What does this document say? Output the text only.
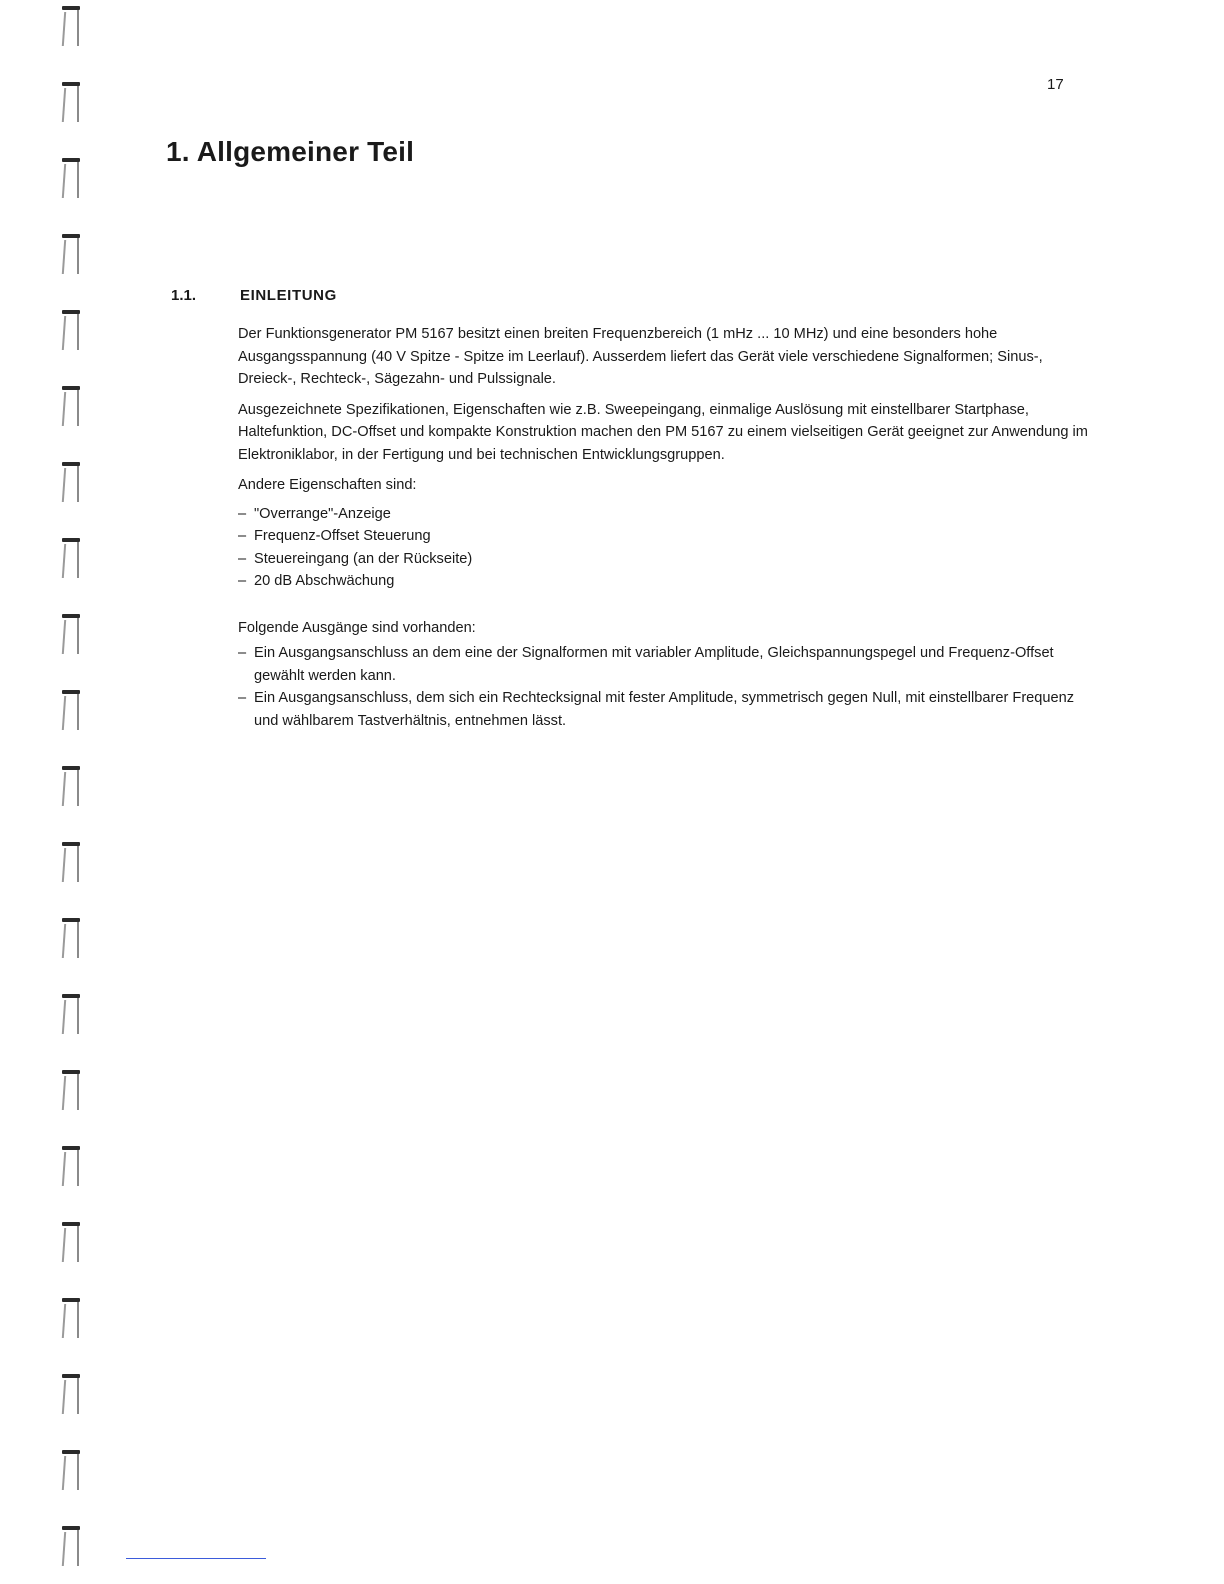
17
1. Allgemeiner Teil
1.1.	EINLEITUNG

Der Funktionsgenerator PM 5167 besitzt einen breiten Frequenzbereich (1 mHz ... 10 MHz) und eine besonders hohe Ausgangsspannung (40 V Spitze - Spitze im Leerlauf). Ausserdem liefert das Gerät viele verschiedene Signalformen; Sinus-, Dreieck-, Rechteck-, Sägezahn- und Pulssignale.

Ausgezeichnete Spezifikationen, Eigenschaften wie z.B. Sweepeingang, einmalige Auslösung mit einstellbarer Startphase, Haltefunktion, DC-Offset und kompakte Konstruktion machen den PM 5167 zu einem vielseitigen Gerät geeignet zur Anwendung im Elektroniklabor, in der Fertigung und bei technischen Entwicklungsgruppen.

Andere Eigenschaften sind:

– "Overrange"-Anzeige
– Frequenz-Offset Steuerung
– Steuereingang (an der Rückseite)
– 20 dB Abschwächung

Folgende Ausgänge sind vorhanden:

– Ein Ausgangsanschluss an dem eine der Signalformen mit variabler Amplitude, Gleichspannungspegel und Frequenz-Offset gewählt werden kann.
– Ein Ausgangsanschluss, dem sich ein Rechtecksignal mit fester Amplitude, symmetrisch gegen Null, mit einstellbarer Frequenz und wählbarem Tastverhältnis, entnehmen lässt.
